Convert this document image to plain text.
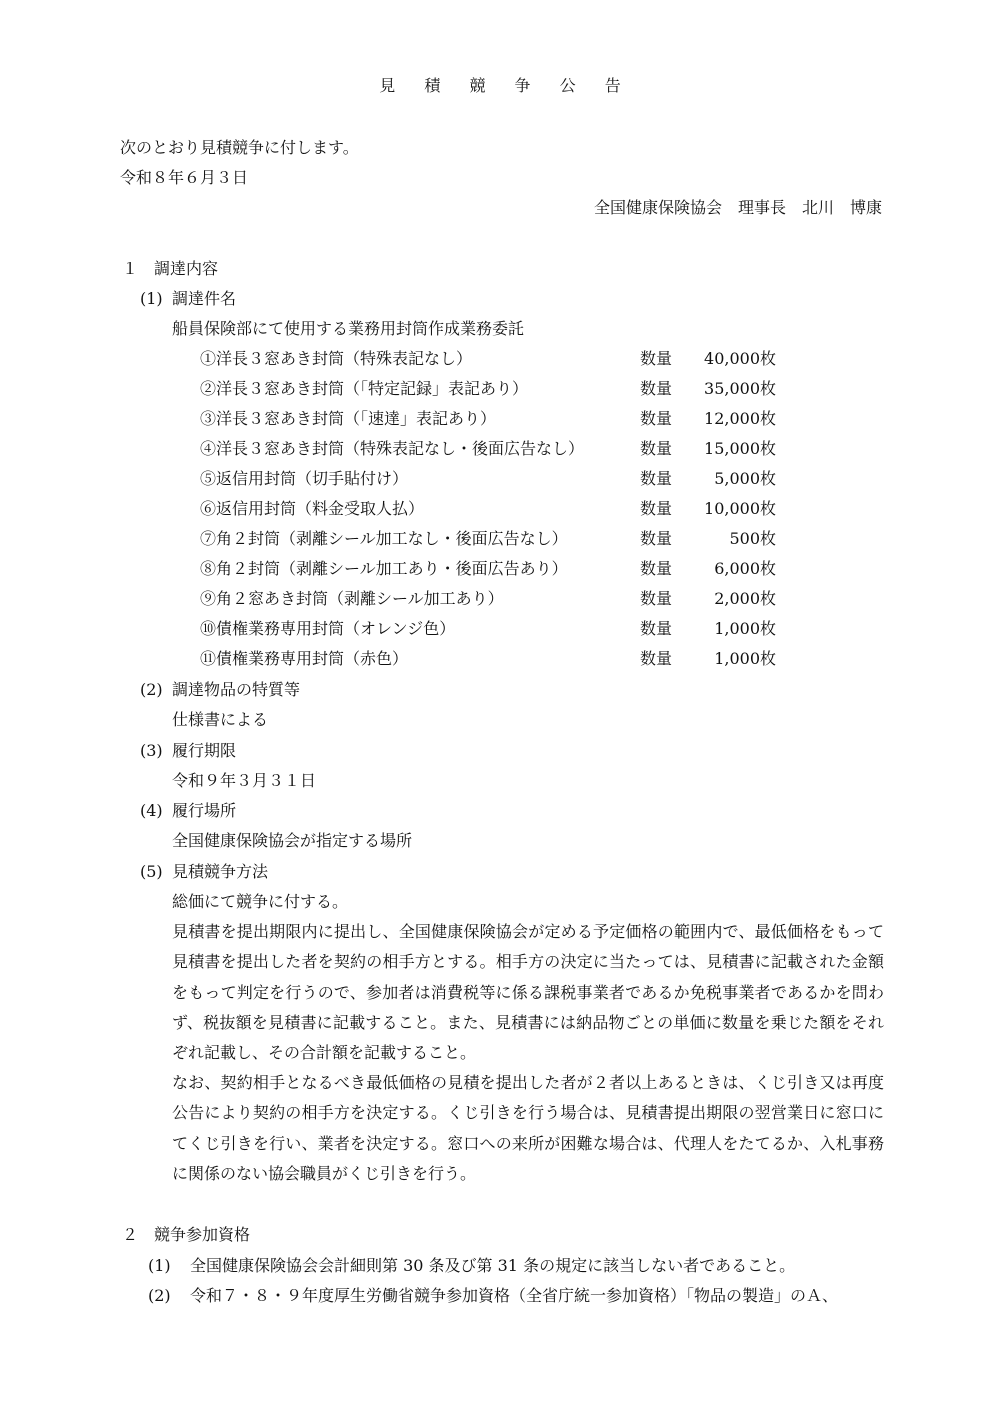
見 積 競 争 公 告
次のとおり見積競争に付します。
令和８年６月３日
全国健康保険協会　理事長　北川　博康
１　調達内容
(1) 調達件名
船員保険部にて使用する業務用封筒作成業務委託
①洋長３窓あき封筒（特殊表記なし）	数量 40,000枚
②洋長３窓あき封筒（「特定記録」表記あり）	数量 35,000枚
③洋長３窓あき封筒（「速達」表記あり）	数量 12,000枚
④洋長３窓あき封筒（特殊表記なし・後面広告なし）	数量 15,000枚
⑤返信用封筒（切手貼付け）	数量	5,000枚
⑥返信用封筒（料金受取人払）	数量 10,000枚
⑦角２封筒（剥離シール加工なし・後面広告なし）	数量	500枚
⑧角２封筒（剥離シール加工あり・後面広告あり）	数量	6,000枚
⑨角２窓あき封筒（剥離シール加工あり）	数量	2,000枚
⑩債権業務専用封筒（オレンジ色）	数量	1,000枚
⑪債権業務専用封筒（赤色）	数量	1,000枚
(2) 調達物品の特質等
仕様書による
(3) 履行期限
令和９年３月３１日
(4) 履行場所
全国健康保険協会が指定する場所
(5) 見積競争方法
総価にて競争に付する。
見積書を提出期限内に提出し、全国健康保険協会が定める予定価格の範囲内で、最低価格をもって見積書を提出した者を契約の相手方とする。相手方の決定に当たっては、見積書に記載された金額をもって判定を行うので、参加者は消費税等に係る課税事業者であるか免税事業者であるかを問わず、税抜額を見積書に記載すること。また、見積書には納品物ごとの単価に数量を乗じた額をそれぞれ記載し、その合計額を記載すること。
なお、契約相手となるべき最低価格の見積を提出した者が２者以上あるときは、くじ引き又は再度公告により契約の相手方を決定する。くじ引きを行う場合は、見積書提出期限の翌営業日に窓口にてくじ引きを行い、業者を決定する。窓口への来所が困難な場合は、代理人をたてるか、入札事務に関係のない協会職員がくじ引きを行う。
２　競争参加資格
(1) 全国健康保険協会会計細則第 30 条及び第 31 条の規定に該当しない者であること。
(2) 令和７・８・９年度厚生労働省競争参加資格（全省庁統一参加資格）「物品の製造」のＡ、
